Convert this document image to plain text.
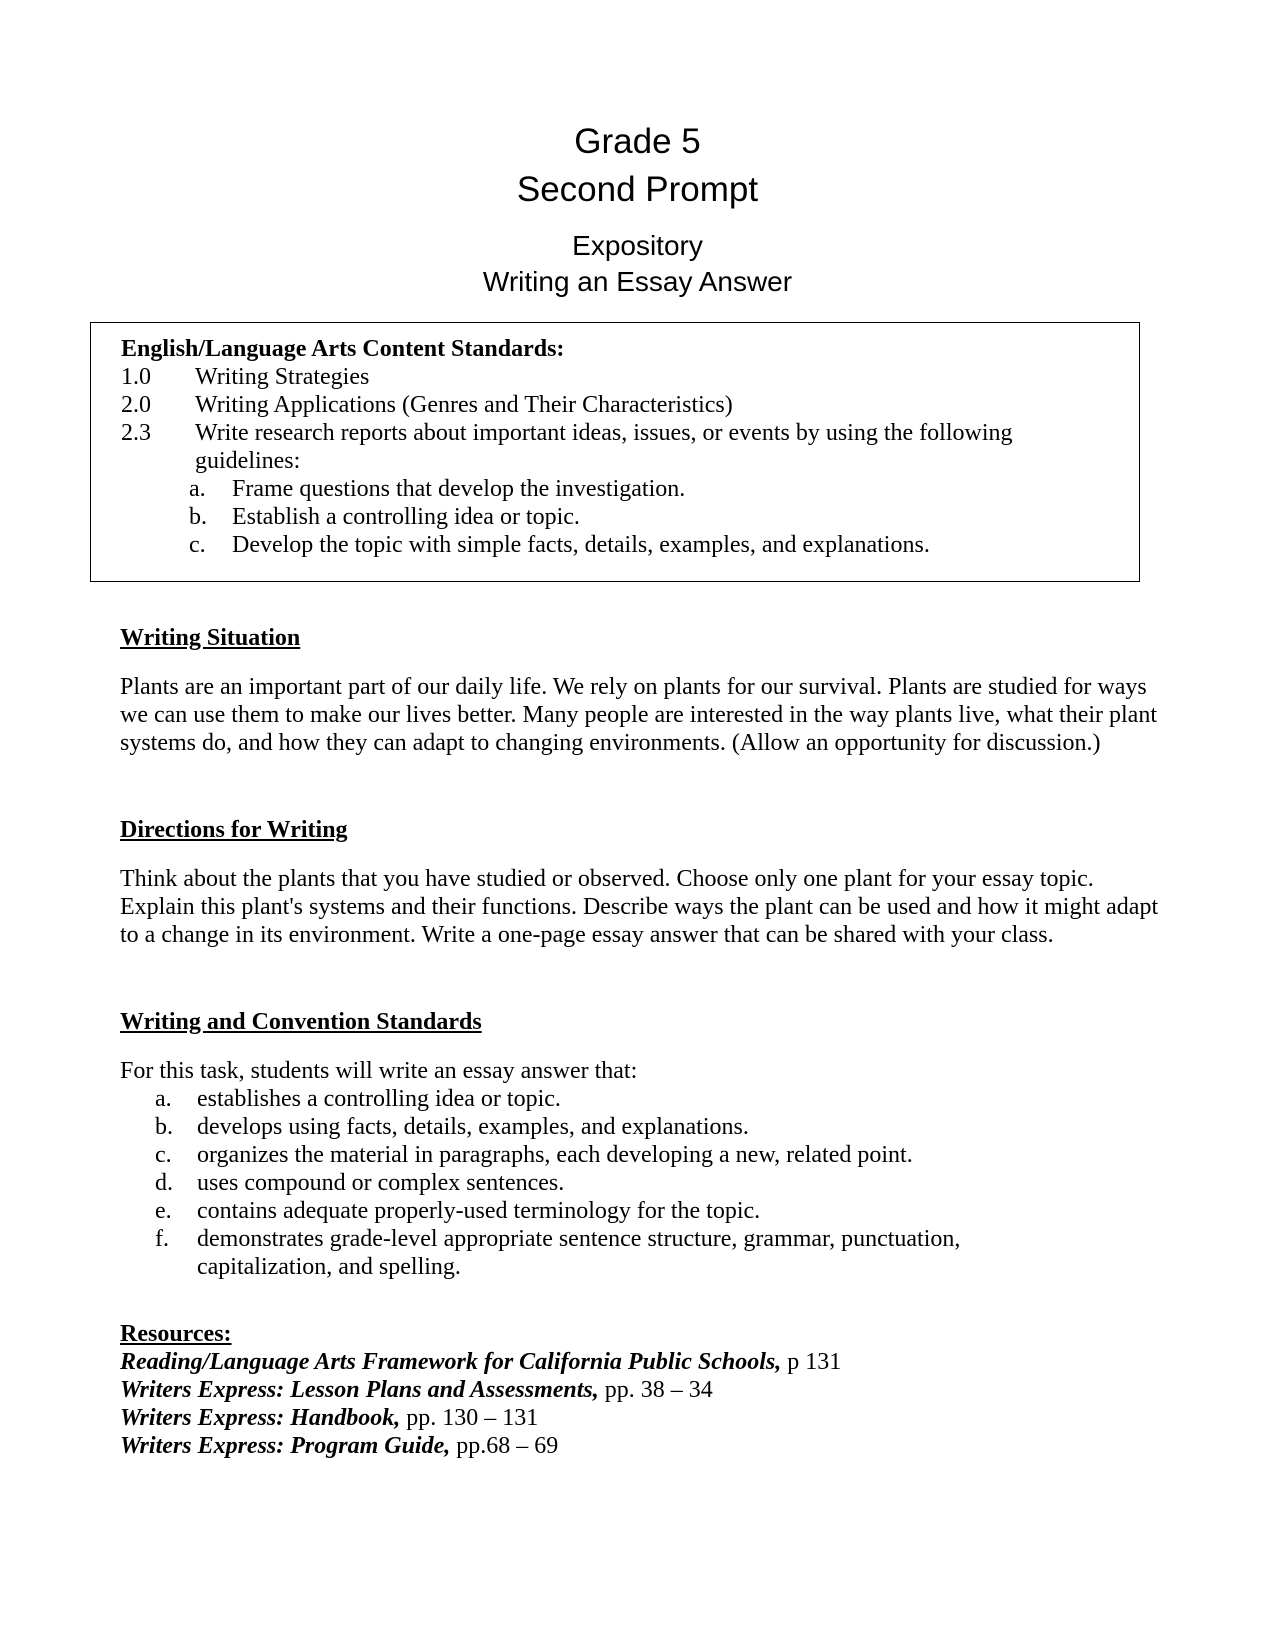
Grade 5
Second Prompt
Expository
Writing an Essay Answer
English/Language Arts Content Standards:
1.0 Writing Strategies
2.0 Writing Applications (Genres and Their Characteristics)
2.3 Write research reports about important ideas, issues, or events by using the following guidelines:
a. Frame questions that develop the investigation.
b. Establish a controlling idea or topic.
c. Develop the topic with simple facts, details, examples, and explanations.
Writing Situation
Plants are an important part of our daily life. We rely on plants for our survival. Plants are studied for ways we can use them to make our lives better. Many people are interested in the way plants live, what their plant systems do, and how they can adapt to changing environments. (Allow an opportunity for discussion.)
Directions for Writing
Think about the plants that you have studied or observed. Choose only one plant for your essay topic. Explain this plant's systems and their functions. Describe ways the plant can be used and how it might adapt to a change in its environment. Write a one-page essay answer that can be shared with your class.
Writing and Convention Standards
For this task, students will write an essay answer that:
a. establishes a controlling idea or topic.
b. develops using facts, details, examples, and explanations.
c. organizes the material in paragraphs, each developing a new, related point.
d. uses compound or complex sentences.
e. contains adequate properly-used terminology for the topic.
f. demonstrates grade-level appropriate sentence structure, grammar, punctuation, capitalization, and spelling.
Resources:
Reading/Language Arts Framework for California Public Schools, p 131
Writers Express: Lesson Plans and Assessments, pp. 38 – 34
Writers Express: Handbook, pp. 130 – 131
Writers Express: Program Guide, pp.68 – 69
